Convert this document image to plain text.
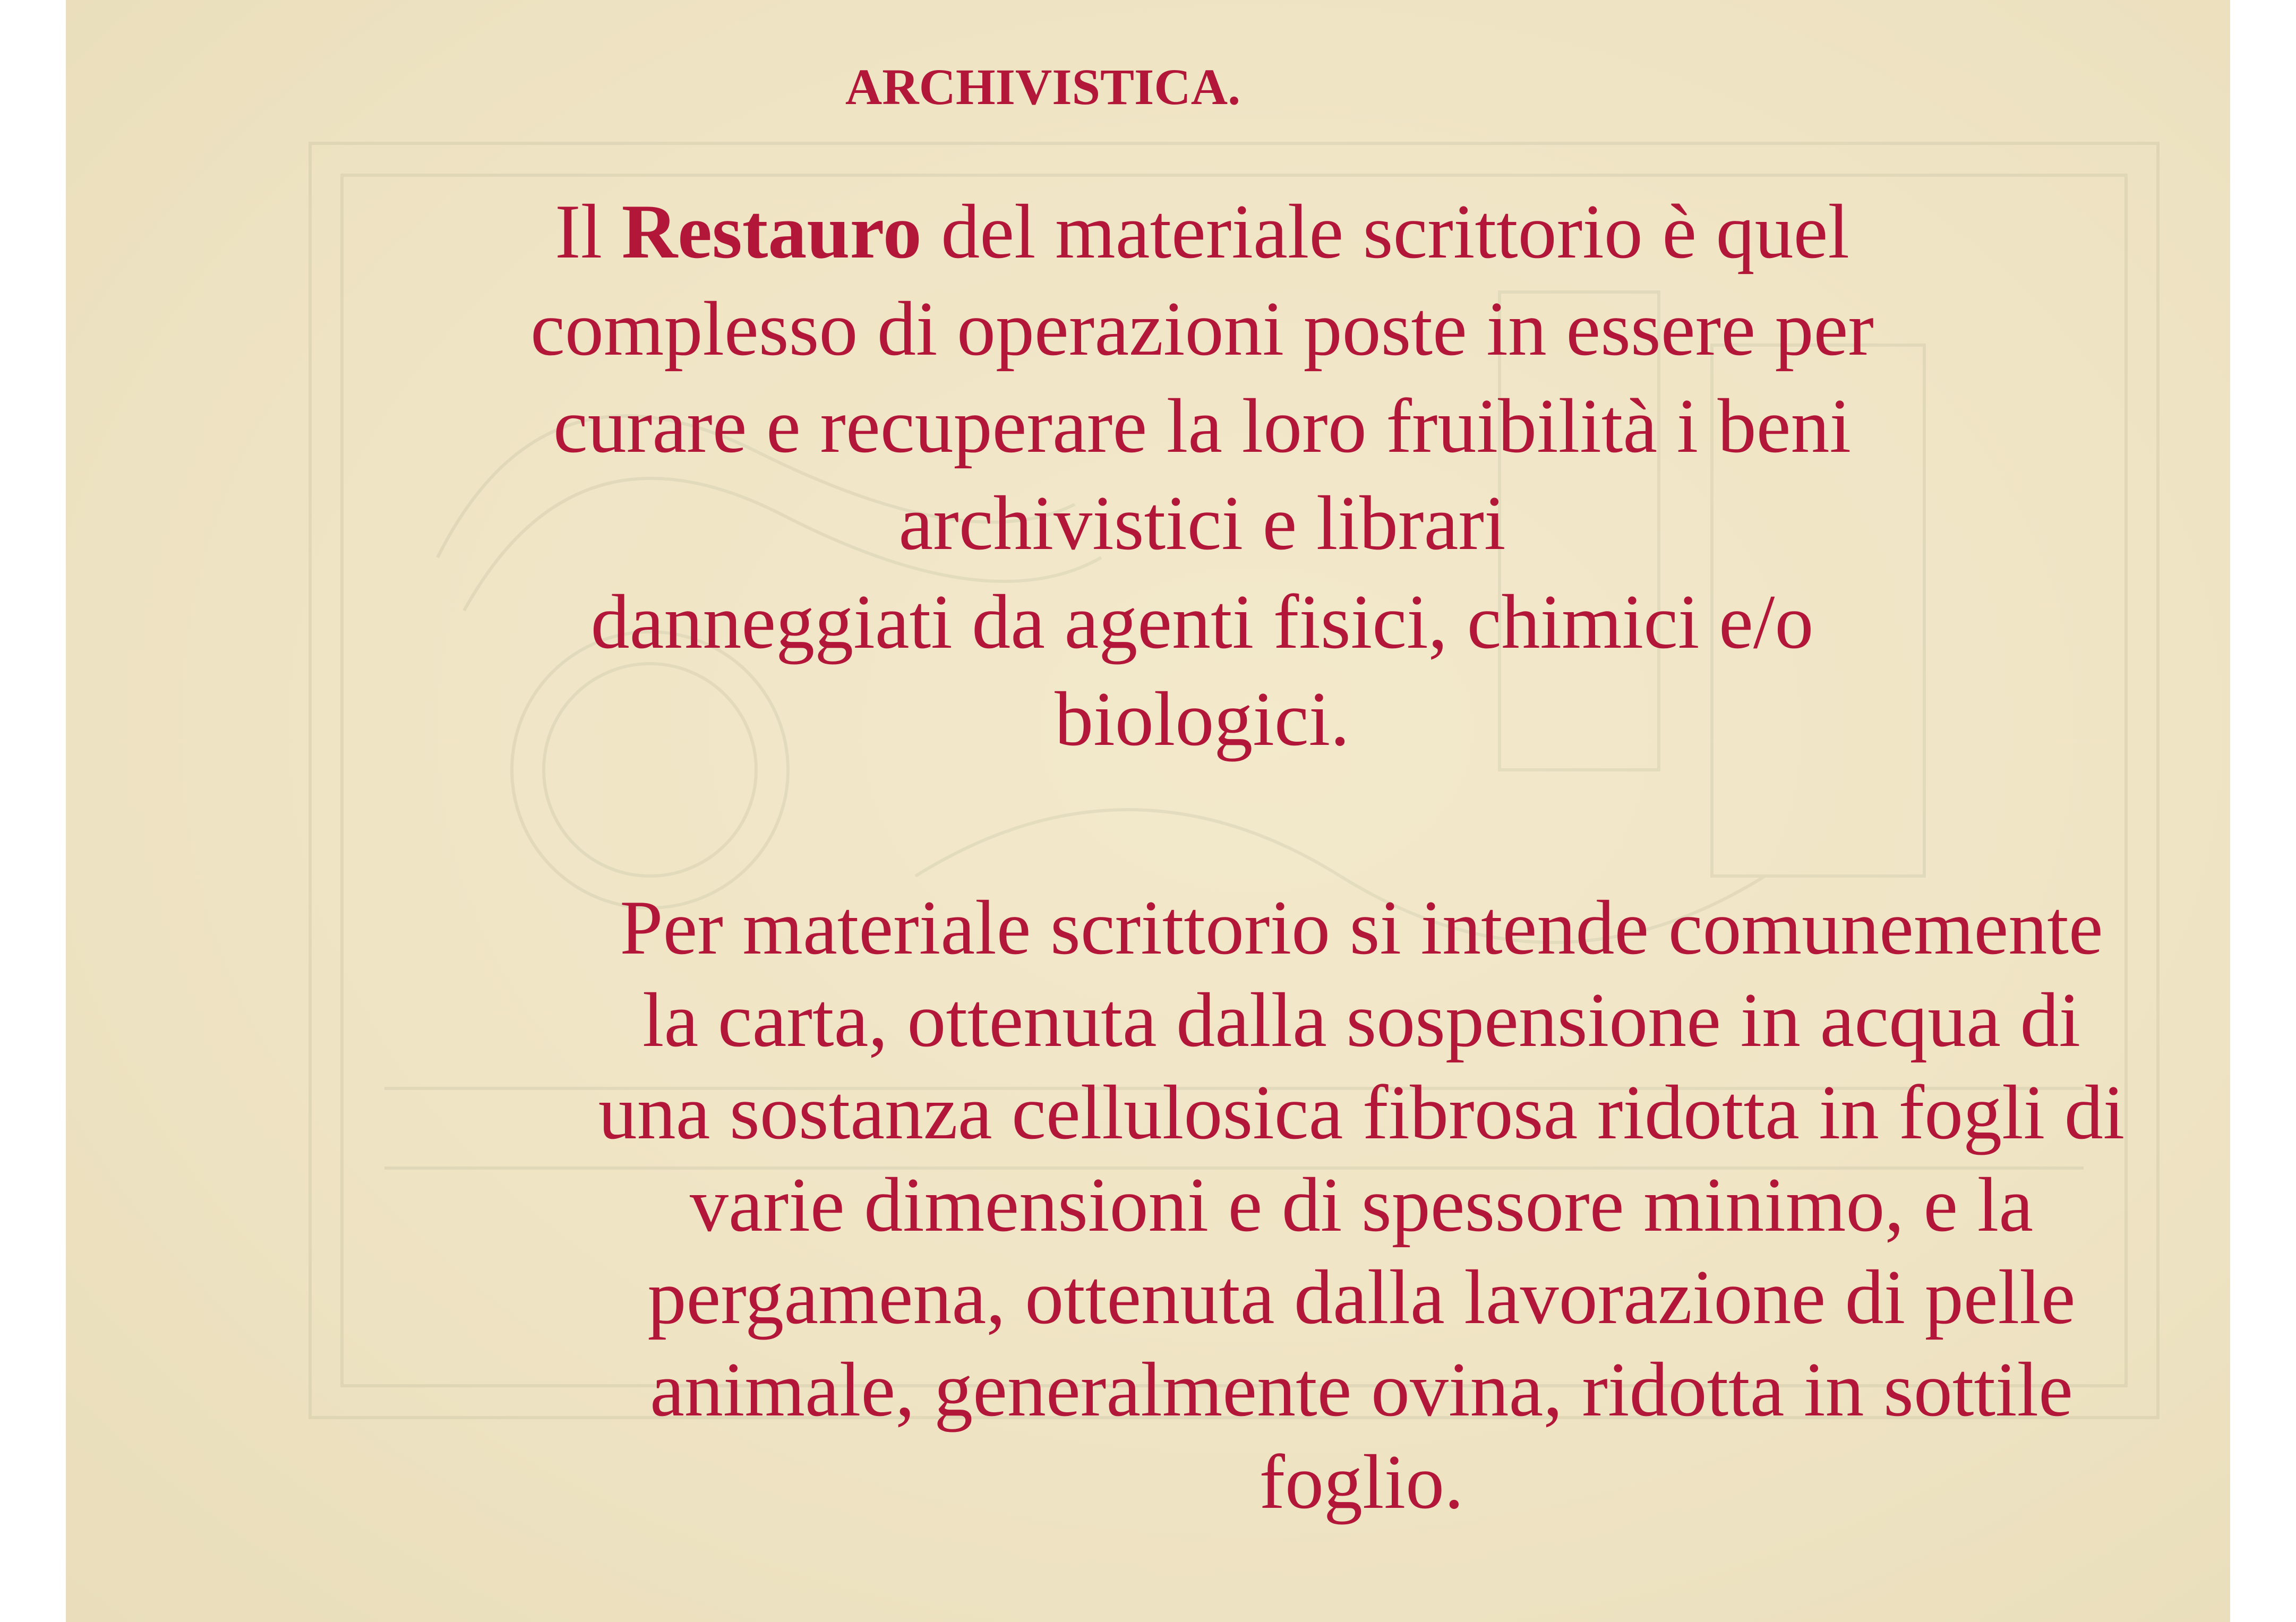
ARCHIVISTICA.
Il Restauro del materiale scrittorio è quel
complesso di operazioni poste in essere per
curare e recuperare la loro fruibilità i beni
archivistici e librari
danneggiati da agenti fisici, chimici e/o
biologici.
Per materiale scrittorio si intende comunemente
la carta, ottenuta dalla sospensione in acqua di
una sostanza cellulosica fibrosa ridotta in fogli di
varie dimensioni e di spessore minimo, e la
pergamena, ottenuta dalla lavorazione di pelle
animale, generalmente ovina, ridotta in sottile
foglio.
